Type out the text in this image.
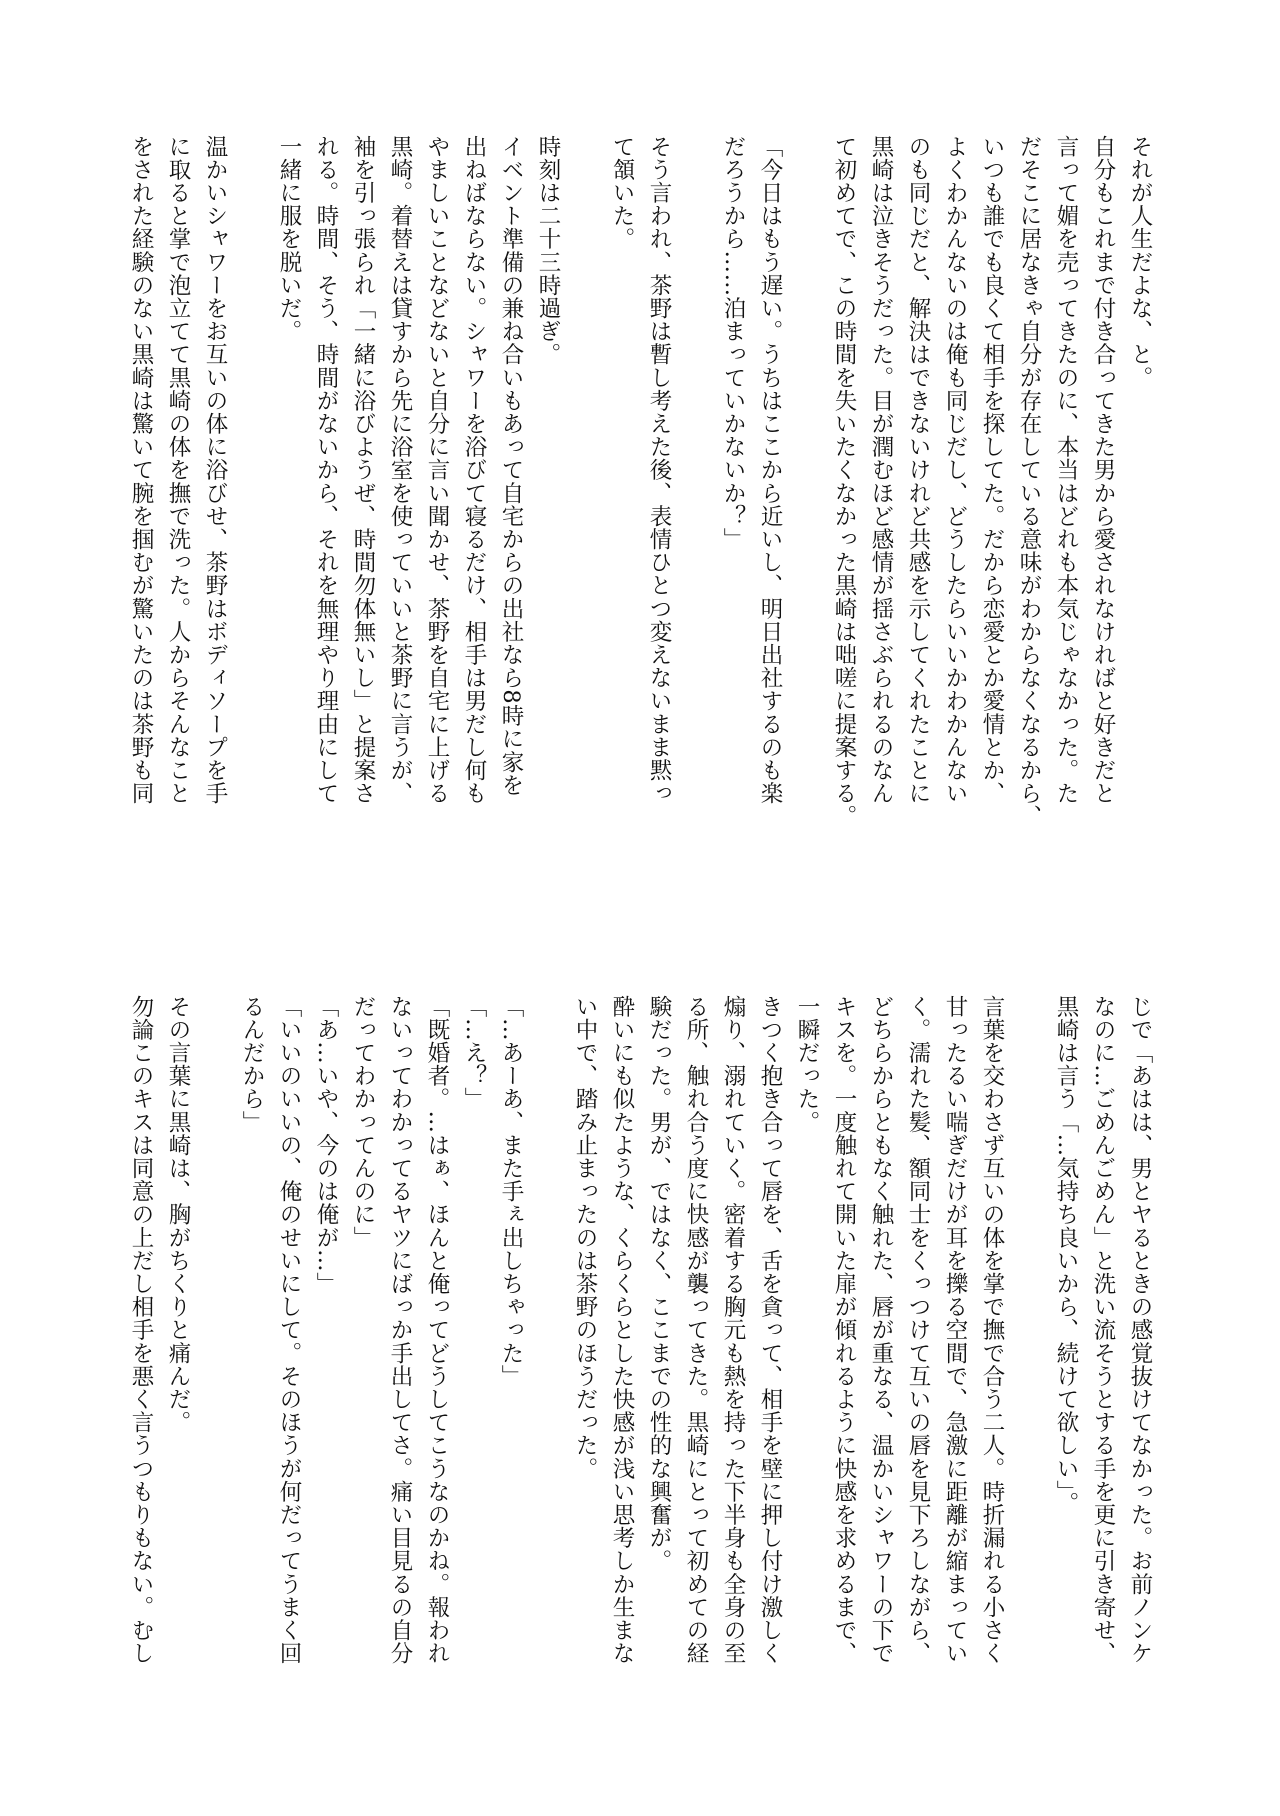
それが人生だよな、と。
自分もこれまで付き合ってきた男から愛されなければと好きだと
言って媚を売ってきたのに、本当はどれも本気じゃなかった。た
だそこに居なきゃ自分が存在している意味がわからなくなるから、
いつも誰でも良くて相手を探してた。だから恋愛とか愛情とか、
よくわかんないのは俺も同じだし、どうしたらいいかわかんない
のも同じだと、解決はできないけれど共感を示してくれたことに
黒崎は泣きそうだった。目が潤むほど感情が揺さぶられるのなん
て初めてで、この時間を失いたくなかった黒崎は咄嗟に提案する。

「今日はもう遅い。うちはここから近いし、明日出社するのも楽
だろうから……泊まっていかないか？」

そう言われ、茶野は暫し考えた後、表情ひとつ変えないまま黙っ
て頷いた。

時刻は二十三時過ぎ。
イベント準備の兼ね合いもあって自宅からの出社なら8時に家を
出ねばならない。シャワーを浴びて寝るだけ、相手は男だし何も
やましいことなどないと自分に言い聞かせ、茶野を自宅に上げる
黒崎。着替えは貸すから先に浴室を使っていいと茶野に言うが、
袖を引っ張られ「一緒に浴びようぜ、時間勿体無いし」と提案さ
れる。時間、そう、時間がないから、それを無理やり理由にして
一緒に服を脱いだ。

温かいシャワーをお互いの体に浴びせ、茶野はボディソープを手
に取ると掌で泡立てて黒崎の体を撫で洗った。人からそんなこと
をされた経験のない黒崎は驚いて腕を掴むが驚いたのは茶野も同
じで「あはは、男とヤるときの感覚抜けてなかった。お前ノンケ
なのに…ごめんごめん」と洗い流そうとする手を更に引き寄せ、
黒崎は言う「…気持ち良いから、続けて欲しい」。

言葉を交わさず互いの体を掌で撫で合う二人。時折漏れる小さく
甘ったるい喘ぎだけが耳を擽る空間で、急激に距離が縮まってい
く。濡れた髪、額同士をくっつけて互いの唇を見下ろしながら、
どちらからともなく触れた、唇が重なる、温かいシャワーの下で
キスを。一度触れて開いた扉が傾れるように快感を求めるまで、
一瞬だった。
きつく抱き合って唇を、舌を貪って、相手を壁に押し付け激しく
煽り、溺れていく。密着する胸元も熱を持った下半身も全身の至
る所、触れ合う度に快感が襲ってきた。黒崎にとって初めての経
験だった。男が、ではなく、ここまでの性的な興奮が。
酔いにも似たような、くらくらとした快感が浅い思考しか生まな
い中で、踏み止まったのは茶野のほうだった。

「…あーあ、また手ぇ出しちゃった」
「…え？」
「既婚者。…はぁ、ほんと俺ってどうしてこうなのかね。報われ
ないってわかってるヤツにばっか手出してさ。痛い目見るの自分
だってわかってんのに」
「あ…いや、今のは俺が…」
「いいのいいの、俺のせいにして。そのほうが何だってうまく回
るんだから」

その言葉に黒崎は、胸がちくりと痛んだ。
勿論このキスは同意の上だし相手を悪く言うつもりもない。むし
